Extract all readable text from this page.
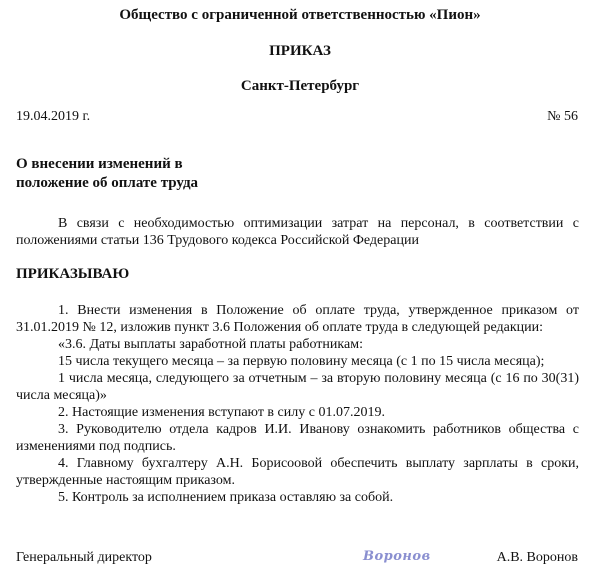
Общество с ограниченной ответственностью «Пион»
ПРИКАЗ
Санкт-Петербург
19.04.2019 г.	№ 56
О внесении изменений в
положение об оплате труда
В связи с необходимостью оптимизации затрат на персонал, в соответствии с положениями статьи 136 Трудового кодекса Российской Федерации
ПРИКАЗЫВАЮ
1. Внести изменения в Положение об оплате труда, утвержденное приказом от 31.01.2019 № 12, изложив пункт 3.6 Положения об оплате труда в следующей редакции:
«3.6. Даты выплаты заработной платы работникам:
15 числа текущего месяца – за первую половину месяца (с 1 по 15 числа месяца);
1 числа месяца, следующего за отчетным – за вторую половину месяца (с 16 по 30(31) числа месяца)»
2. Настоящие изменения вступают в силу с 01.07.2019.
3. Руководителю отдела кадров И.И. Иванову ознакомить работников общества с изменениями под подпись.
4. Главному бухгалтеру А.Н. Борисоовой обеспечить выплату зарплаты в сроки, утвержденные настоящим приказом.
5. Контроль за исполнением приказа оставляю за собой.
Генеральный директор	Воронов	А.В. Воронов
